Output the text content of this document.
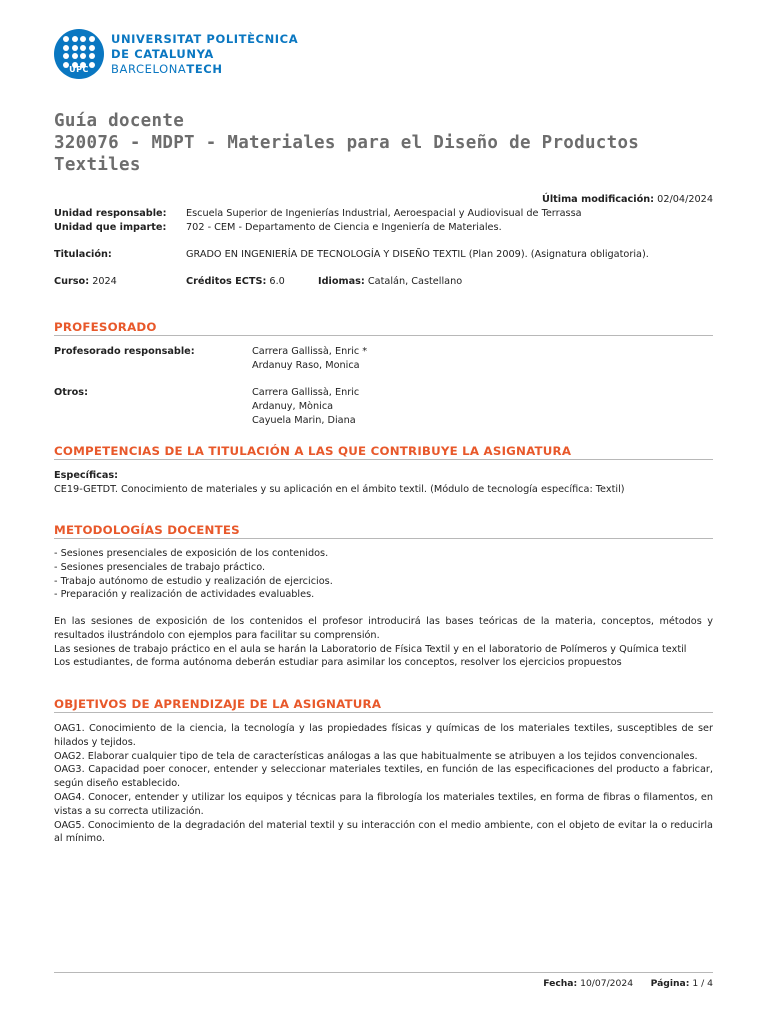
UPC
UNIVERSITAT POLITÈCNICA
DE CATALUNYA
BARCELONATECH
Guía docente
320076 - MDPT - Materiales para el Diseño de Productos
Textiles
Última modificación: 02/04/2024
Unidad responsable: Escuela Superior de Ingenierías Industrial, Aeroespacial y Audiovisual de Terrassa
Unidad que imparte: 702 - CEM - Departamento de Ciencia e Ingeniería de Materiales.
Titulación:	GRADO EN INGENIERÍA DE TECNOLOGÍA Y DISEÑO TEXTIL (Plan 2009). (Asignatura obligatoria).
Curso: 2024	Créditos ECTS: 6.0	Idiomas: Catalán, Castellano
PROFESORADO
Profesorado responsable:	Carrera Gallissà, Enric *
Ardanuy Raso, Monica
Otros:	Carrera Gallissà, Enric
Ardanuy, Mònica
Cayuela Marin, Diana
COMPETENCIAS DE LA TITULACIÓN A LAS QUE CONTRIBUYE LA ASIGNATURA
Específicas:
CE19-GETDT. Conocimiento de materiales y su aplicación en el ámbito textil. (Módulo de tecnología específica: Textil)
METODOLOGÍAS DOCENTES
- Sesiones presenciales de exposición de los contenidos.
- Sesiones presenciales de trabajo práctico.
- Trabajo autónomo de estudio y realización de ejercicios.
- Preparación y realización de actividades evaluables.
En las sesiones de exposición de los contenidos el profesor introducirá las bases teóricas de la materia, conceptos, métodos y resultados ilustrándolo con ejemplos para facilitar su comprensión.
Las sesiones de trabajo práctico en el aula se harán la Laboratorio de Física Textil y en el laboratorio de Polímeros y Química textil
Los estudiantes, de forma autónoma deberán estudiar para asimilar los conceptos, resolver los ejercicios propuestos
OBJETIVOS DE APRENDIZAJE DE LA ASIGNATURA
OAG1. Conocimiento de la ciencia, la tecnología y las propiedades físicas y químicas de los materiales textiles, susceptibles de ser hilados y tejidos.
OAG2. Elaborar cualquier tipo de tela de características análogas a las que habitualmente se atribuyen a los tejidos convencionales.
OAG3. Capacidad poer conocer, entender y seleccionar materiales textiles, en función de las especificaciones del producto a fabricar, según diseño establecido.
OAG4. Conocer, entender y utilizar los equipos y técnicas para la fibrología los materiales textiles, en forma de fibras o filamentos, en vistas a su correcta utilización.
OAG5. Conocimiento de la degradación del material textil y su interacción con el medio ambiente, con el objeto de evitar la o reducirla al mínimo.
Fecha: 10/07/2024 Página: 1 / 4
